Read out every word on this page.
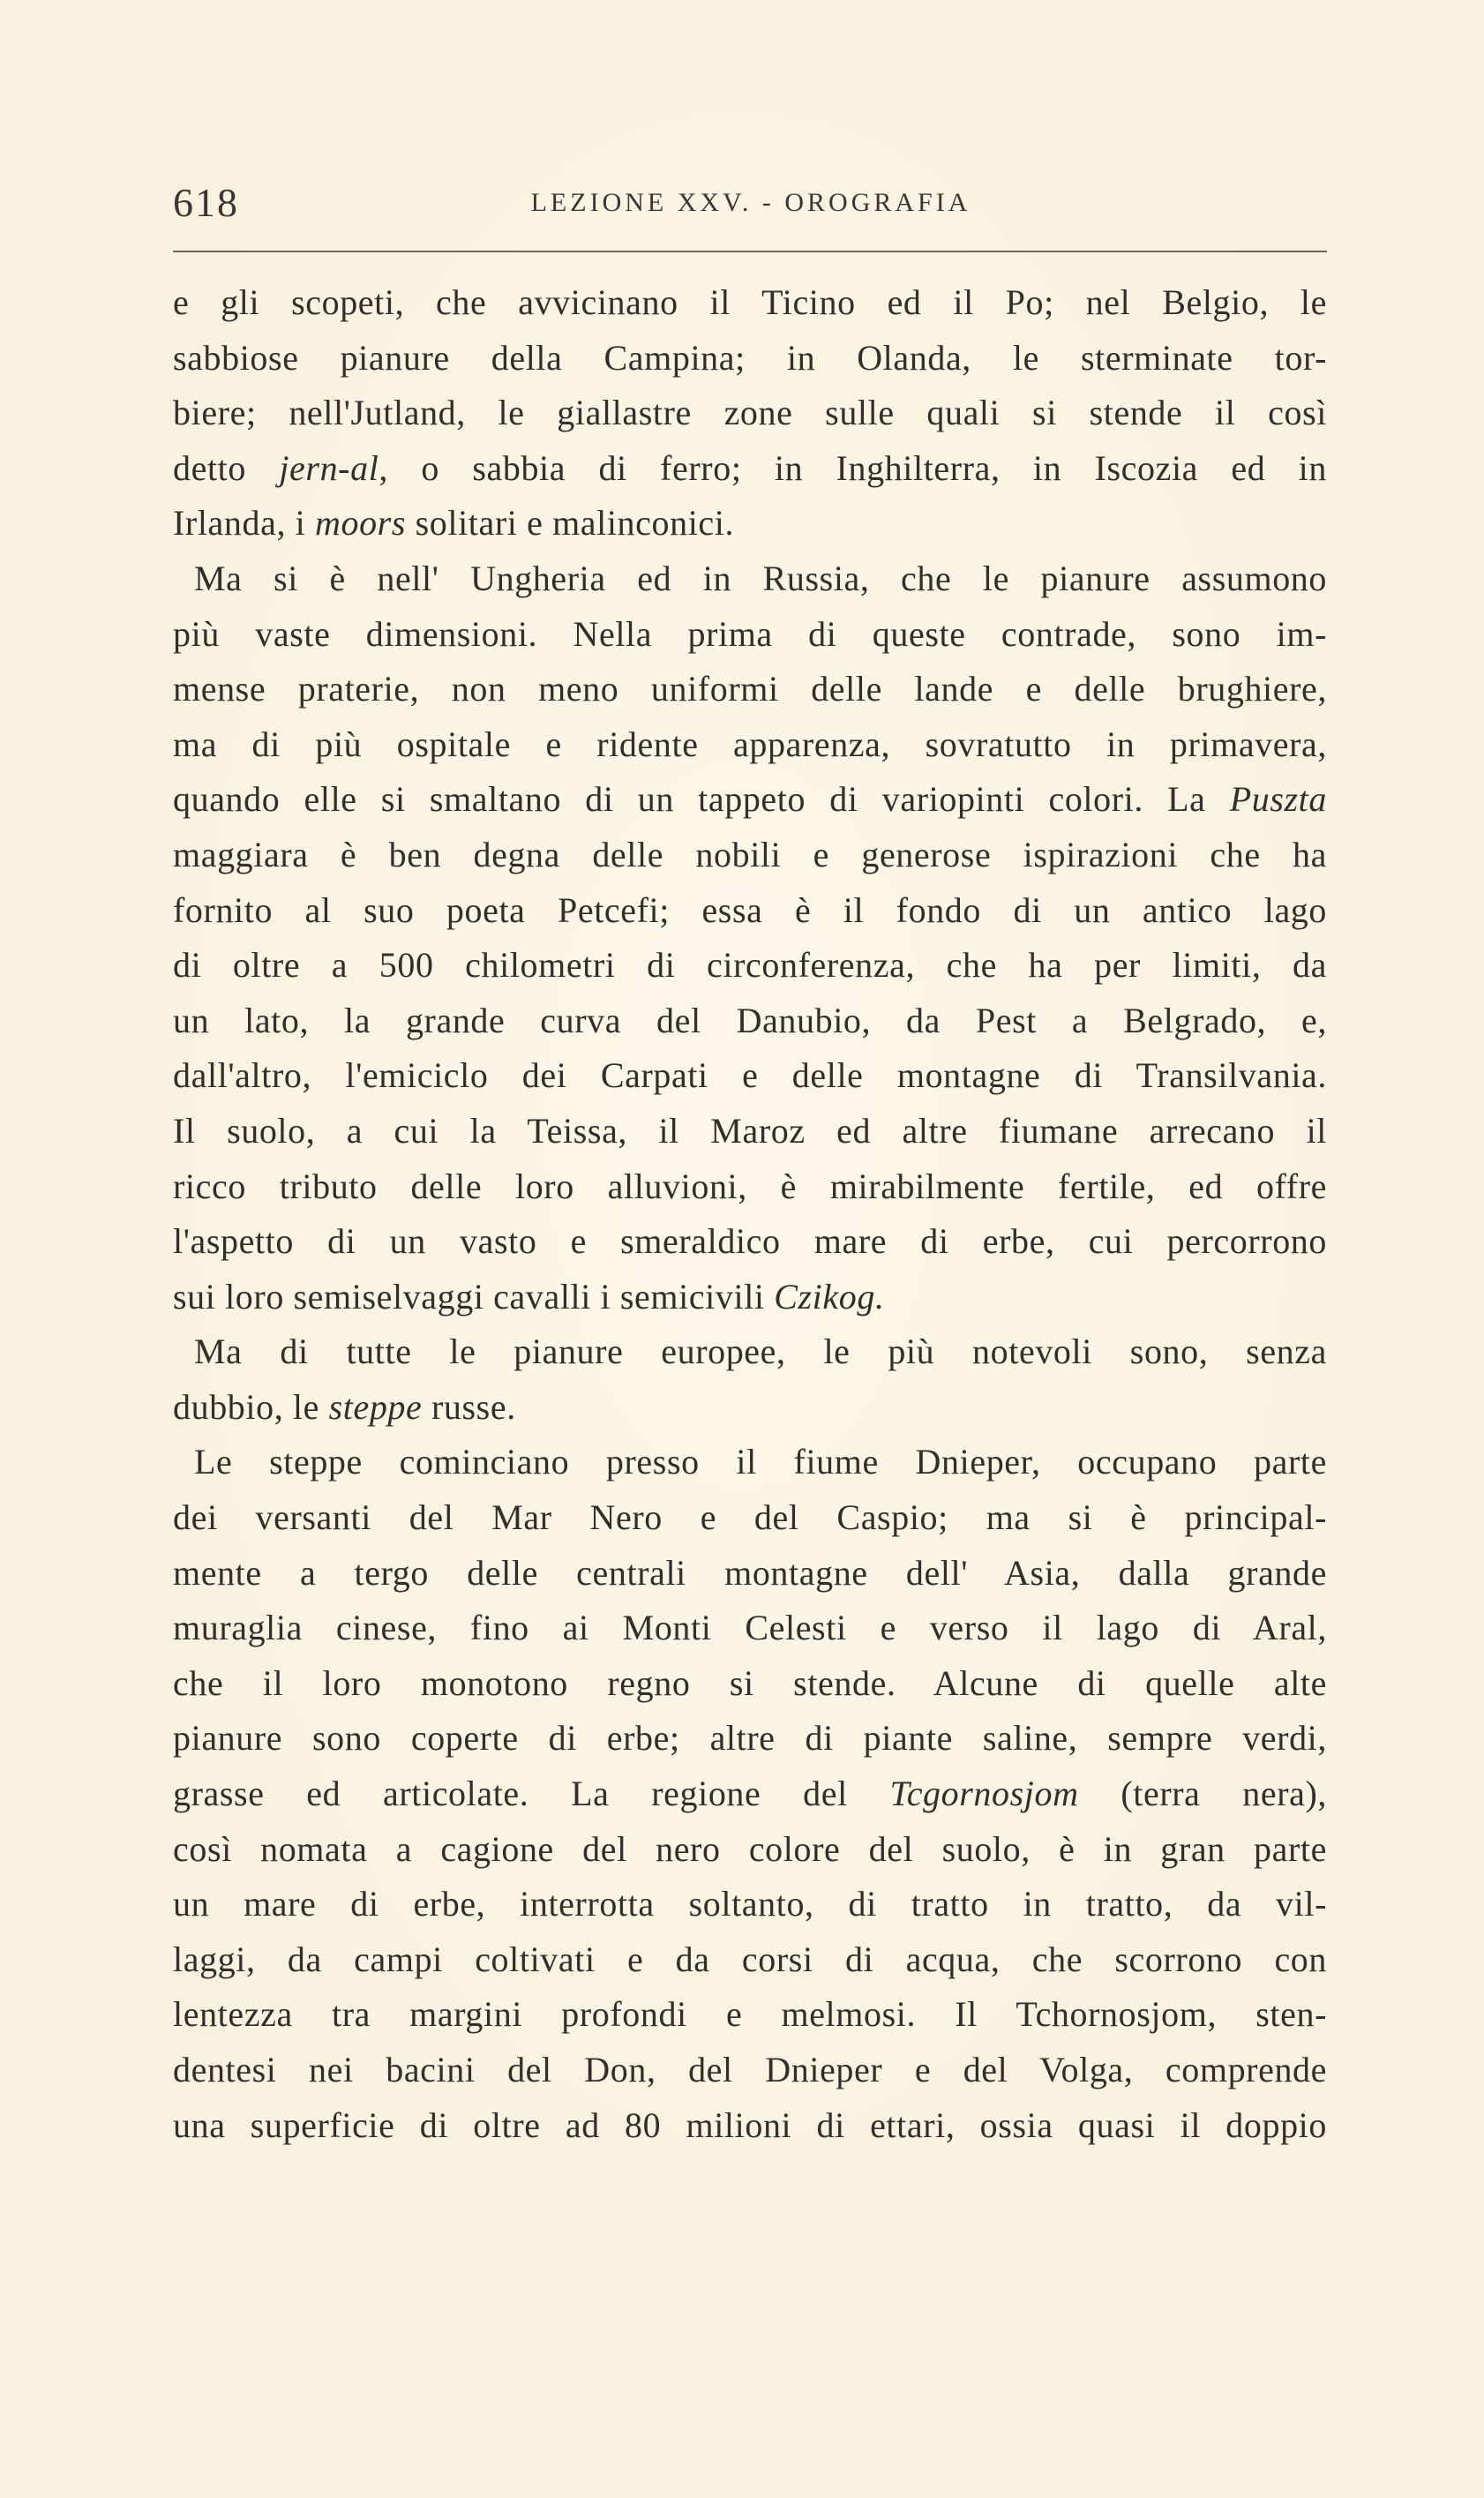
618	LEZIONE XXV. - OROGRAFIA
e gli scopeti, che avvicinano il Ticino ed il Po; nel Belgio, le
sabbiose pianure della Campina; in Olanda, le sterminate tor-
biere; nell'Jutland, le giallastre zone sulle quali si stende il così
detto jern-al, o sabbia di ferro; in Inghilterra, in Iscozia ed in
Irlanda, i moors solitari e malinconici.
Ma si è nell' Ungheria ed in Russia, che le pianure assumono
più vaste dimensioni. Nella prima di queste contrade, sono im-
mense praterie, non meno uniformi delle lande e delle brughiere,
ma di più ospitale e ridente apparenza, sovratutto in primavera,
quando elle si smaltano di un tappeto di variopinti colori. La Puszta
maggiara è ben degna delle nobili e generose ispirazioni che ha
fornito al suo poeta Petcefi; essa è il fondo di un antico lago
di oltre a 500 chilometri di circonferenza, che ha per limiti, da
un lato, la grande curva del Danubio, da Pest a Belgrado, e,
dall'altro, l'emiciclo dei Carpati e delle montagne di Transilvania.
Il suolo, a cui la Teissa, il Maroz ed altre fiumane arrecano il
ricco tributo delle loro alluvioni, è mirabilmente fertile, ed offre
l'aspetto di un vasto e smeraldico mare di erbe, cui percorrono
sui loro semiselvaggi cavalli i semicivili Czikog.
Ma di tutte le pianure europee, le più notevoli sono, senza
dubbio, le steppe russe.
Le steppe cominciano presso il fiume Dnieper, occupano parte
dei versanti del Mar Nero e del Caspio; ma si è principal-
mente a tergo delle centrali montagne dell' Asia, dalla grande
muraglia cinese, fino ai Monti Celesti e verso il lago di Aral,
che il loro monotono regno si stende. Alcune di quelle alte
pianure sono coperte di erbe; altre di piante saline, sempre verdi,
grasse ed articolate. La regione del Tcgornosjom (terra nera),
così nomata a cagione del nero colore del suolo, è in gran parte
un mare di erbe, interrotta soltanto, di tratto in tratto, da vil-
laggi, da campi coltivati e da corsi di acqua, che scorrono con
lentezza tra margini profondi e melmosi. Il Tchornosjom, sten-
dentesi nei bacini del Don, del Dnieper e del Volga, comprende
una superficie di oltre ad 80 milioni di ettari, ossia quasi il doppio
